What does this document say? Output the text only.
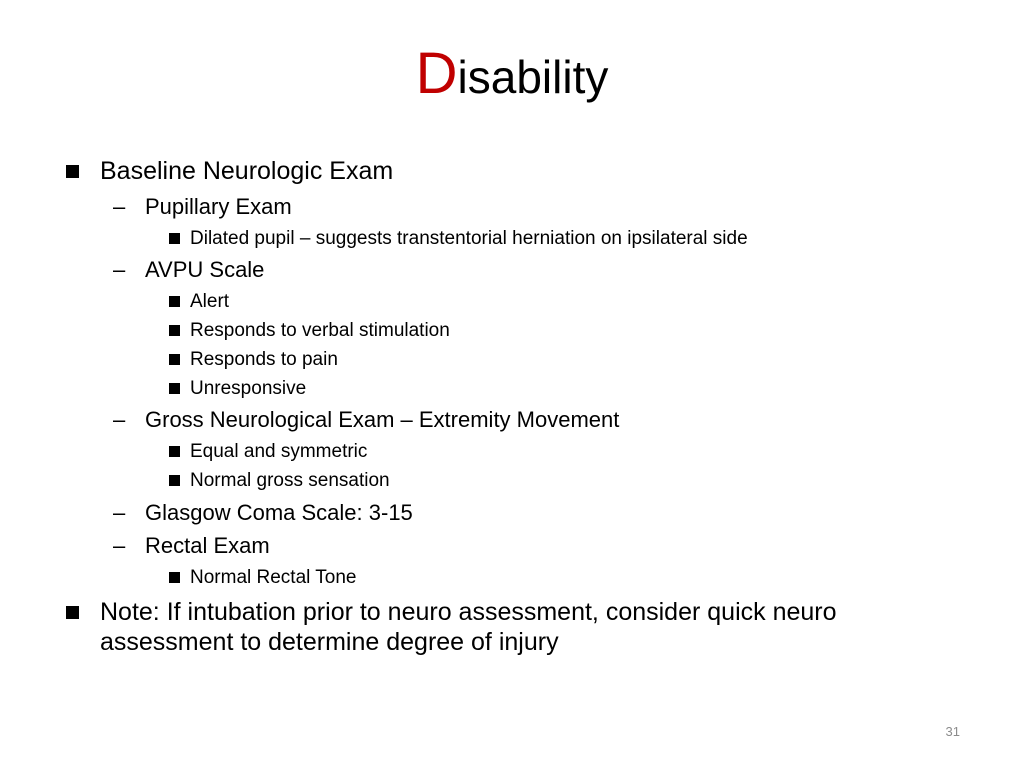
Disability
Baseline Neurologic Exam
– Pupillary Exam
Dilated pupil – suggests transtentorial herniation on ipsilateral side
– AVPU Scale
Alert
Responds to verbal stimulation
Responds to pain
Unresponsive
– Gross Neurological Exam – Extremity Movement
Equal and symmetric
Normal gross sensation
– Glasgow Coma Scale: 3-15
– Rectal Exam
Normal Rectal Tone
Note: If intubation prior to neuro assessment, consider quick neuro assessment to determine degree of injury
31
